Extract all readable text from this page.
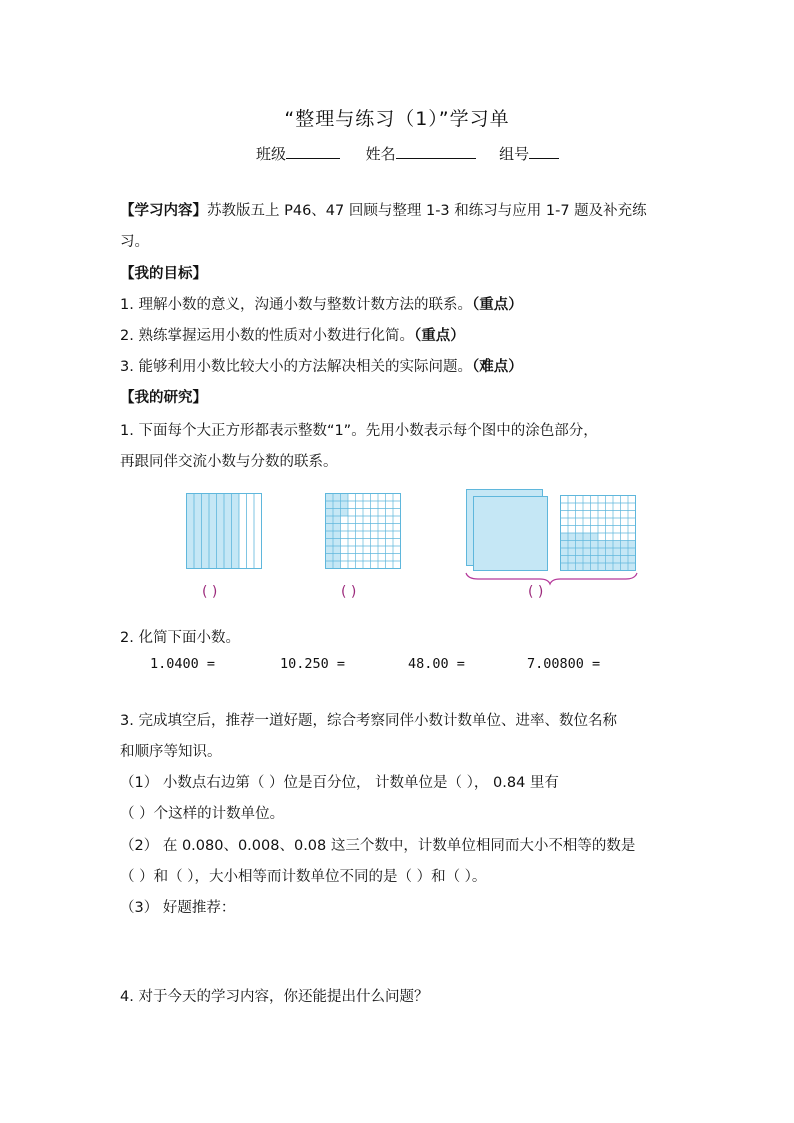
“整理与练习（1）”学习单
班级	姓名	组号
【学习内容】苏教版五上 P46、47 回顾与整理 1-3 和练习与应用 1-7 题及补充练
习。
【我的目标】
1. 理解小数的意义，沟通小数与整数计数方法的联系。（重点）
2. 熟练掌握运用小数的性质对小数进行化简。（重点）
3. 能够利用小数比较大小的方法解决相关的实际问题。（难点）
【我的研究】
1. 下面每个大正方形都表示整数“1”。先用小数表示每个图中的涂色部分，
再跟同伴交流小数与分数的联系。
( )	( )	( )
2. 化简下面小数。
1.0400 =	10.250 =	48.00 =	7.00800 =
3. 完成填空后，推荐一道好题，综合考察同伴小数计数单位、进率、数位名称
和顺序等知识。
（1） 小数点右边第（ ）位是百分位， 计数单位是（ ）， 0.84 里有
（ ）个这样的计数单位。
（2） 在 0.080、0.008、0.08 这三个数中，计数单位相同而大小不相等的数是
（ ）和（ ），大小相等而计数单位不同的是（ ）和（ ）。
（3） 好题推荐：
4. 对于今天的学习内容，你还能提出什么问题？
